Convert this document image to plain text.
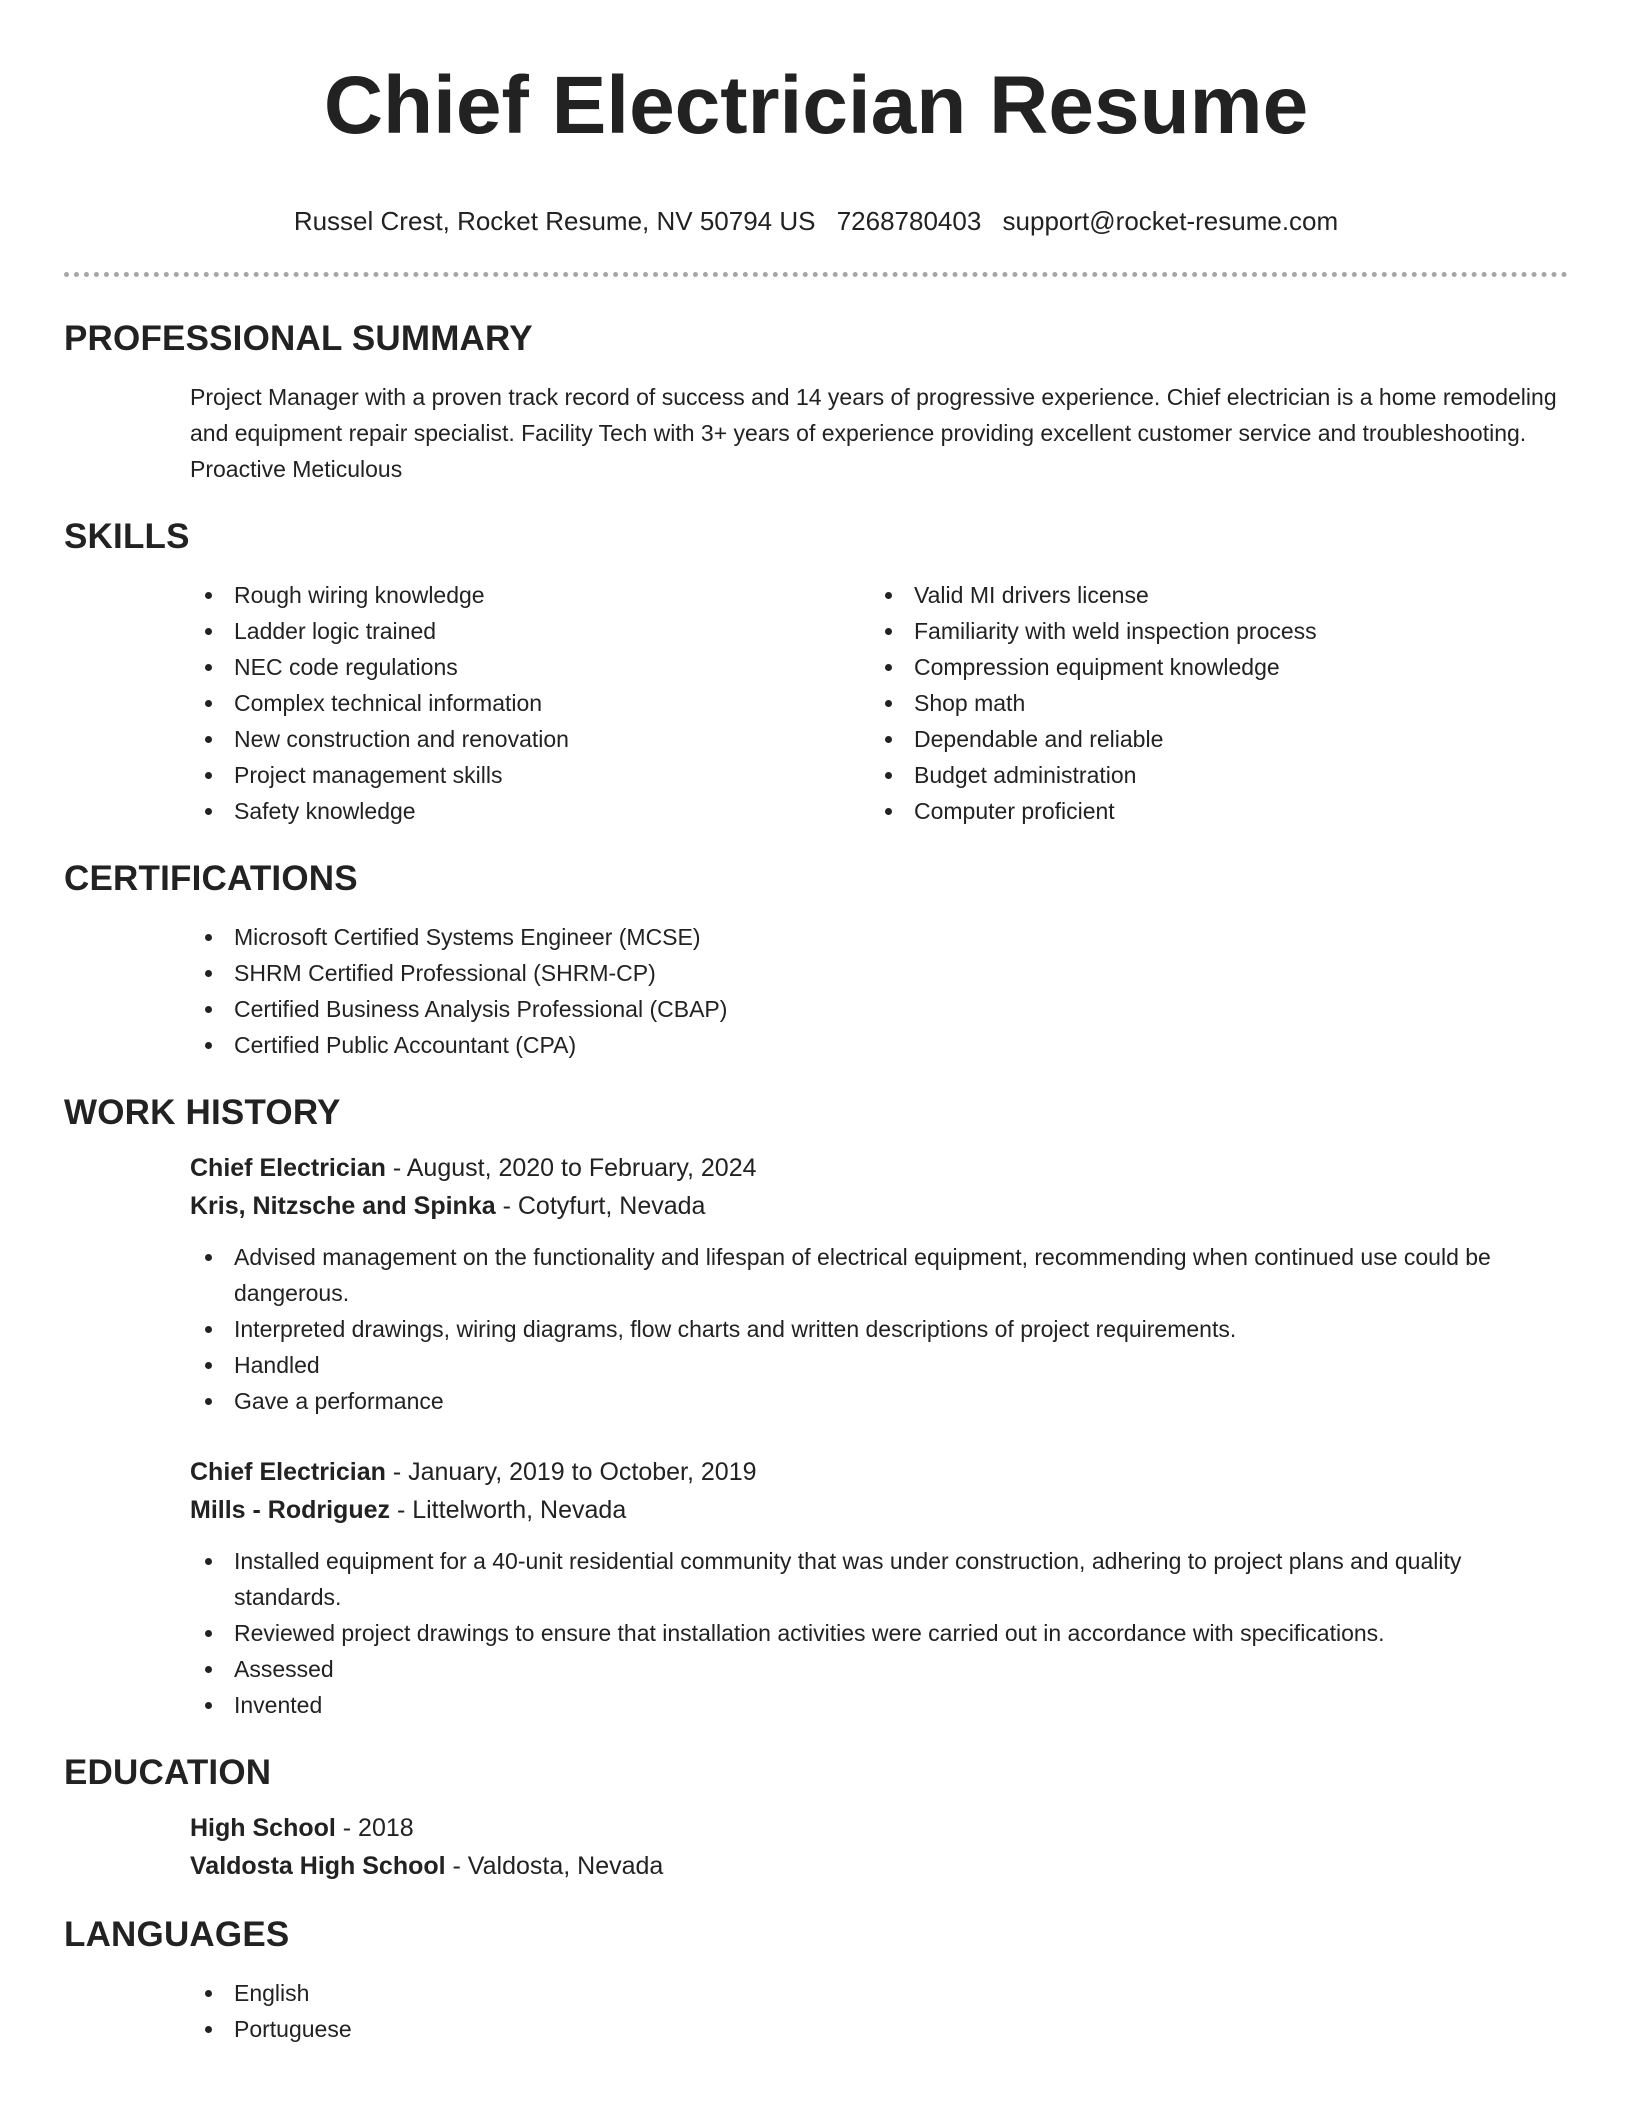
Chief Electrician Resume
Russel Crest, Rocket Resume, NV 50794 US 7268780403 support@rocket-resume.com
PROFESSIONAL SUMMARY

Project Manager with a proven track record of success and 14 years of progressive experience. Chief electrician is a home remodeling and equipment repair specialist. Facility Tech with 3+ years of experience providing excellent customer service and troubleshooting. Proactive Meticulous

SKILLS
Rough wiring knowledge
Ladder logic trained
NEC code regulations
Complex technical information
New construction and renovation
Project management skills
Safety knowledge
Valid MI drivers license
Familiarity with weld inspection process
Compression equipment knowledge
Shop math
Dependable and reliable
Budget administration
Computer proficient
CERTIFICATIONS
Microsoft Certified Systems Engineer (MCSE)
SHRM Certified Professional (SHRM-CP)
Certified Business Analysis Professional (CBAP)
Certified Public Accountant (CPA)
WORK HISTORY
Chief Electrician - August, 2020 to February, 2024
Kris, Nitzsche and Spinka - Cotyfurt, Nevada
Advised management on the functionality and lifespan of electrical equipment, recommending when continued use could be dangerous.
Interpreted drawings, wiring diagrams, flow charts and written descriptions of project requirements.
Handled
Gave a performance
Chief Electrician - January, 2019 to October, 2019
Mills - Rodriguez - Littelworth, Nevada
Installed equipment for a 40-unit residential community that was under construction, adhering to project plans and quality standards.
Reviewed project drawings to ensure that installation activities were carried out in accordance with specifications.
Assessed
Invented
EDUCATION
High School - 2018
Valdosta High School - Valdosta, Nevada
LANGUAGES
English
Portuguese
